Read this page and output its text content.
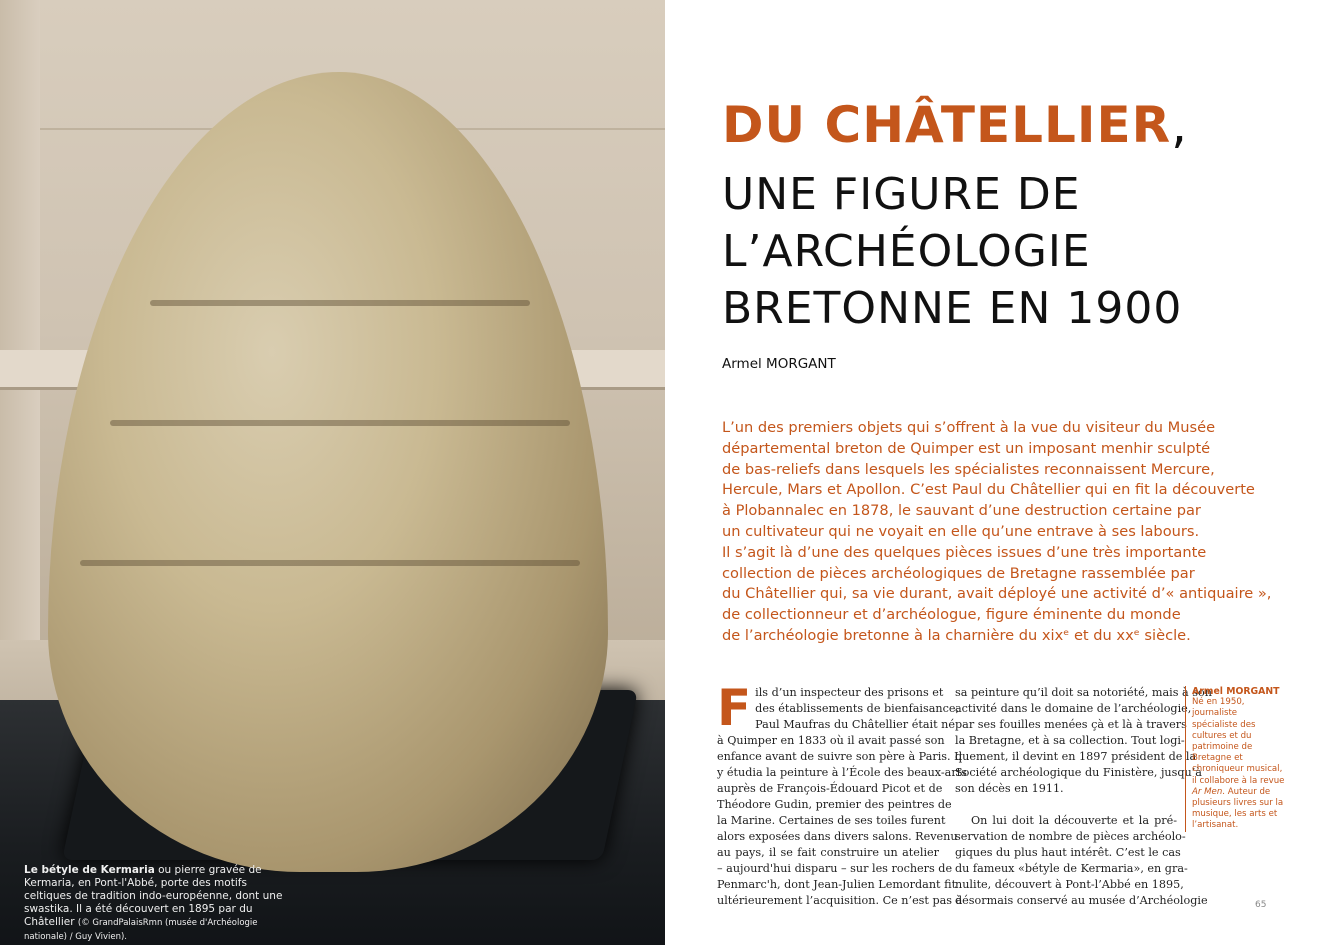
Le bétyle de Kermaria ou pierre gravée de Kermaria, en Pont-l'Abbé, porte des motifs celtiques de tradition indo-européenne, dont une swastika. Il a été découvert en 1895 par du Châtellier (© GrandPalaisRmn (musée d'Archéologie nationale) / Guy Vivien).
DU CHÂTELLIER,
UNE FIGURE DE
L’ARCHÉOLOGIE
BRETONNE EN 1900
Armel MORGANT
L’un des premiers objets qui s’offrent à la vue du visiteur du Musée
départemental breton de Quimper est un imposant menhir sculpté
de bas-reliefs dans lesquels les spécialistes reconnaissent Mercure,
Hercule, Mars et Apollon. C’est Paul du Châtellier qui en fit la découverte
à Plobannalec en 1878, le sauvant d’une destruction certaine par
un cultivateur qui ne voyait en elle qu’une entrave à ses labours.
Il s’agit là d’une des quelques pièces issues d’une très importante
collection de pièces archéologiques de Bretagne rassemblée par
du Châtellier qui, sa vie durant, avait déployé une activité d’« antiquaire »,
de collectionneur et d’archéologue, figure éminente du monde
de l’archéologie bretonne à la charnière du xixᵉ et du xxᵉ siècle.
F ils d’un inspecteur des prisons et
des établissements de bienfaisance,
Paul Maufras du Châtellier était né
à Quimper en 1833 où il avait passé son
enfance avant de suivre son père à Paris. Il
y étudia la peinture à l’École des beaux-arts
auprès de François-Édouard Picot et de
Théodore Gudin, premier des peintres de
la Marine. Certaines de ses toiles furent
alors exposées dans divers salons. Revenu
au pays, il se fait construire un atelier
– aujourd'hui disparu – sur les rochers de
Penmarc'h, dont Jean-Julien Lemordant fit
ultérieurement l’acquisition. Ce n’est pas à
sa peinture qu’il doit sa notoriété, mais à son
activité dans le domaine de l’archéologie,
par ses fouilles menées çà et là à travers
la Bretagne, et à sa collection. Tout logi-
quement, il devint en 1897 président de la
Société archéologique du Finistère, jusqu’à
son décès en 1911.
On lui doit la découverte et la pré-
servation de nombre de pièces archéolo-
giques du plus haut intérêt. C’est le cas
du fameux «bétyle de Kermaria», en gra-
nulite, découvert à Pont-l’Abbé en 1895,
désormais conservé au musée d’Archéologie
Armel MORGANT
Né en 1950, journaliste spécialiste des cultures et du patrimoine de Bretagne et chroniqueur musical, il collabore à la revue Ar Men. Auteur de plusieurs livres sur la musique, les arts et l’artisanat.
65
